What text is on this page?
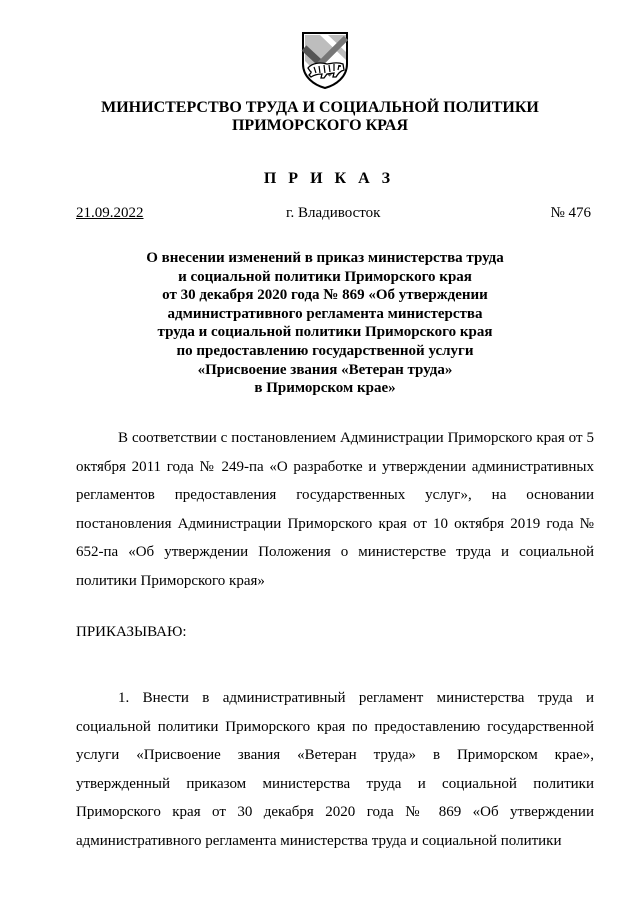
МИНИСТЕРСТВО ТРУДА И СОЦИАЛЬНОЙ ПОЛИТИКИ
ПРИМОРСКОГО КРАЯ
П Р И К А З
21.09.2022	г. Владивосток	№ 476
О внесении изменений в приказ министерства труда
и социальной политики Приморского края
от 30 декабря 2020 года № 869 «Об утверждении
административного регламента министерства
труда и социальной политики Приморского края
по предоставлению государственной услуги
«Присвоение звания «Ветеран труда»
в Приморском крае»
В соответствии с постановлением Администрации Приморского края от 5 октября 2011 года № 249-па «О разработке и утверждении административных регламентов предоставления государственных услуг», на основании постановления Администрации Приморского края от 10 октября 2019 года № 652-па «Об утверждении Положения о министерстве труда и социальной политики Приморского края»
ПРИКАЗЫВАЮ:
1. Внести в административный регламент министерства труда и социальной политики Приморского края по предоставлению государственной услуги «Присвоение звания «Ветеран труда» в Приморском крае», утвержденный приказом министерства труда и социальной политики Приморского края от 30 декабря 2020 года № 869 «Об утверждении административного регламента министерства труда и социальной политики
